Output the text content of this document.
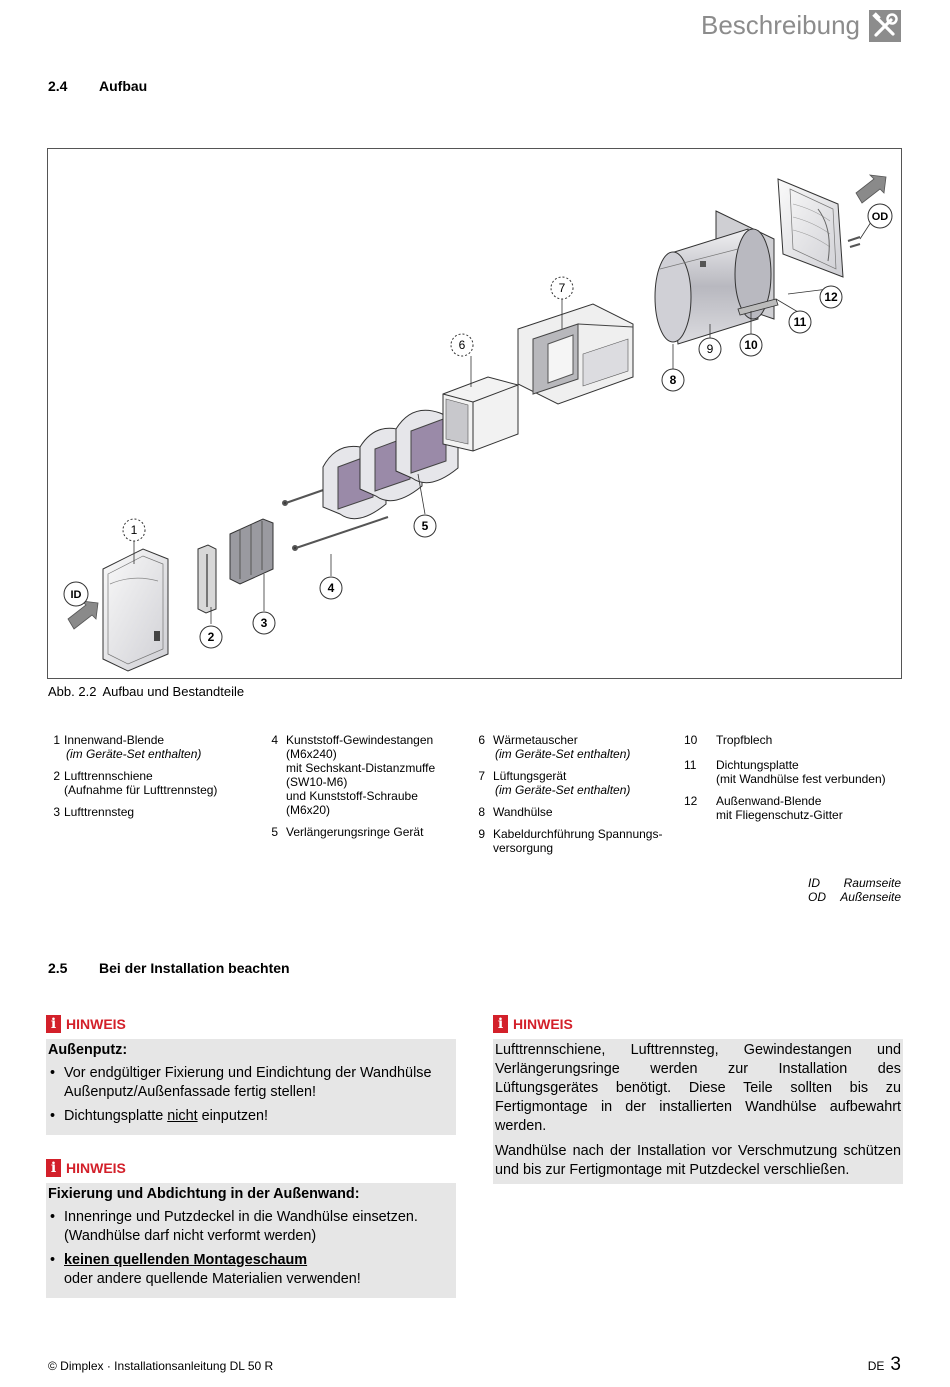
Beschreibung
2.4 Aufbau
1
2
3
4
5
6
7
8
9	10
11
12
ID
OD
Abb. 2.2 Aufbau und Bestandteile
1 Innenwand-Blende
(im Geräte-Set enthalten)
2 Lufttrennschiene
(Aufnahme für Lufttrennsteg)
3 Lufttrennsteg
4 Kunststoff-Gewindestangen
(M6x240)
mit Sechskant-Distanzmuffe
(SW10-M6)
und Kunststoff-Schraube
(M6x20)
5 Verlängerungsringe Gerät
6 Wärmetauscher
(im Geräte-Set enthalten)
7 Lüftungsgerät
(im Geräte-Set enthalten)
8 Wandhülse
9 Kabeldurchführung Spannungs-
versorgung
10	Tropfblech
11	Dichtungsplatte
(mit Wandhülse fest verbunden)
12	Außenwand-Blende
mit Fliegenschutz-Gitter
ID	Raumseite
OD	Außenseite
2.5 Bei der Installation beachten
i HINWEIS
Außenputz:
• Vor endgültiger Fixierung und Eindichtung der Wandhülse Außenputz/Außenfassade fertig stellen!
• Dichtungsplatte nicht einputzen!
i HINWEIS
Fixierung und Abdichtung in der Außenwand:
• Innenringe und Putzdeckel in die Wandhülse einsetzen. (Wandhülse darf nicht verformt werden)
• keinen quellenden Montageschaum
oder andere quellende Materialien verwenden!
i HINWEIS

Lufttrennschiene, Lufttrennsteg, Gewindestangen und Verlängerungsringe werden zur Installation des Lüftungsgerätes benötigt. Diese Teile sollten bis zu Fertigmontage in der installierten Wandhülse aufbewahrt werden.

Wandhülse nach der Installation vor Verschmutzung schützen und bis zur Fertigmontage mit Putzdeckel verschließen.

© Dimplex · Installationsanleitung DL 50 R	DE 3
